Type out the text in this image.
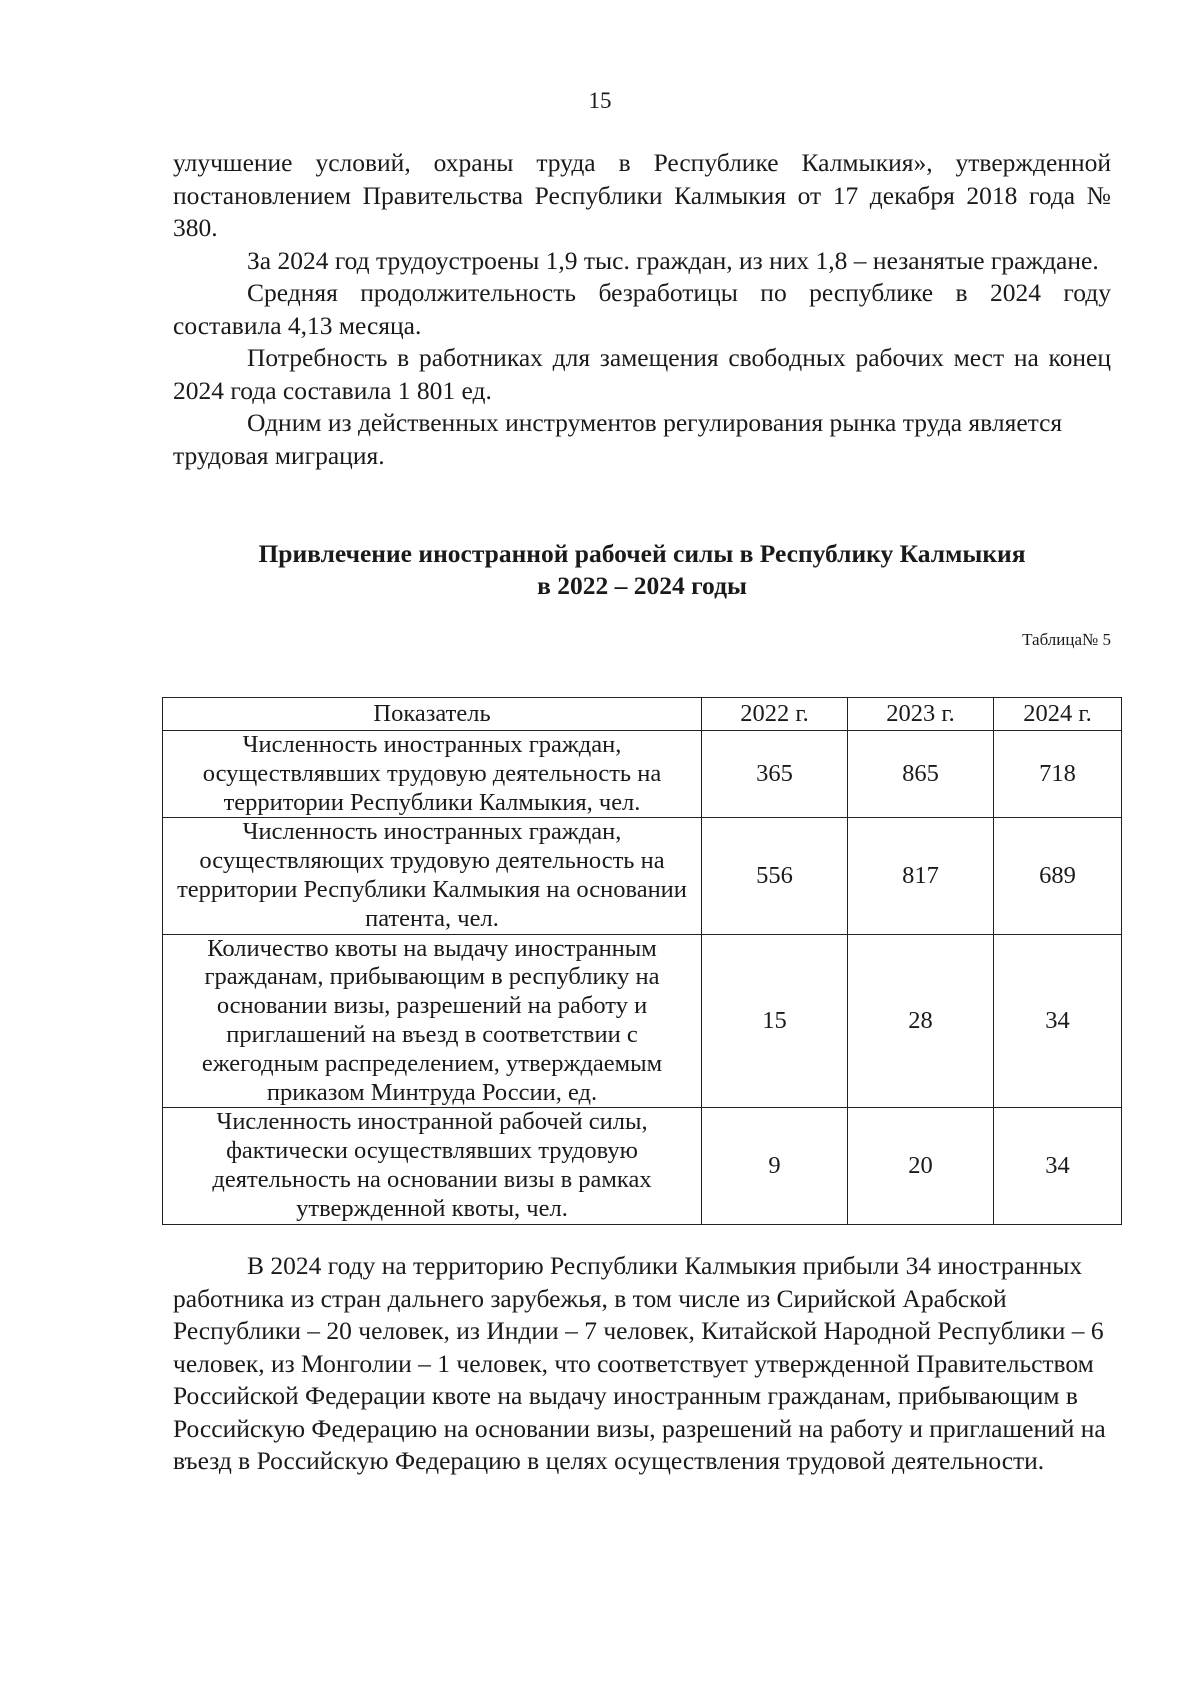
15

улучшение условий, охраны труда в Республике Калмыкия», утвержденной постановлением Правительства Республики Калмыкия от 17 декабря 2018 года № 380.

За 2024 год трудоустроены 1,9 тыс. граждан, из них 1,8 – незанятые граждане.

Средняя продолжительность безработицы по республике в 2024 году составила 4,13 месяца.

Потребность в работниках для замещения свободных рабочих мест на конец 2024 года составила 1 801 ед.

Одним из действенных инструментов регулирования рынка труда является трудовая миграция.

Привлечение иностранной рабочей силы в Республику Калмыкия
в 2022 – 2024 годы
Таблица№ 5
Показатель	2022 г.	2023 г.	2024 г.
Численность иностранных граждан, осуществлявших трудовую деятельность на территории Республики Калмыкия, чел.	365	865	718
Численность иностранных граждан, осуществляющих трудовую деятельность на территории Республики Калмыкия на основании патента, чел.	556	817	689
Количество квоты на выдачу иностранным гражданам, прибывающим в республику на основании визы, разрешений на работу и приглашений на въезд в соответствии с ежегодным распределением, утверждаемым приказом Минтруда России, ед.	15	28	34
Численность иностранной рабочей силы, фактически осуществлявших трудовую деятельность на основании визы в рамках утвержденной квоты, чел.	9	20	34

В 2024 году на территорию Республики Калмыкия прибыли 34 иностранных работника из стран дальнего зарубежья, в том числе из Сирийской Арабской Республики – 20 человек, из Индии – 7 человек, Китайской Народной Республики – 6 человек, из Монголии – 1 человек, что соответствует утвержденной Правительством Российской Федерации квоте на выдачу иностранным гражданам, прибывающим в Российскую Федерацию на основании визы, разрешений на работу и приглашений на въезд в Российскую Федерацию в целях осуществления трудовой деятельности.
